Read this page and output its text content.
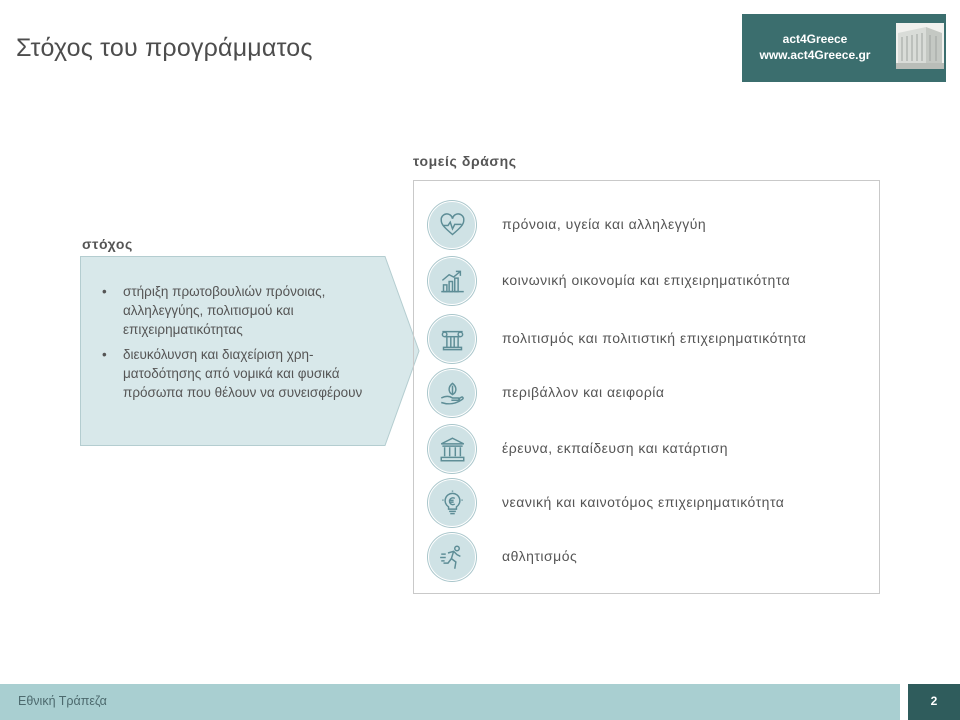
Στόχος του προγράμματος	act4Greece
www.act4Greece.gr
στόχος
• στήριξη πρωτοβουλιών πρόνοιας, αλληλεγγύης, πολιτισμού και επιχειρηματικότητας
• διευκόλυνση και διαχείριση χρη-ματοδότησης από νομικά και φυσικά πρόσωπα που θέλουν να συνεισφέρουν
τομείς δράσης
πρόνοια, υγεία και αλληλεγγύη
κοινωνική οικονομία και επιχειρηματικότητα
πολιτισμός και πολιτιστική επιχειρηματικότητα
περιβάλλον και αειφορία
έρευνα, εκπαίδευση και κατάρτιση
νεανική και καινοτόμος επιχειρηματικότητα
αθλητισμός
Εθνική Τράπεζα	2
